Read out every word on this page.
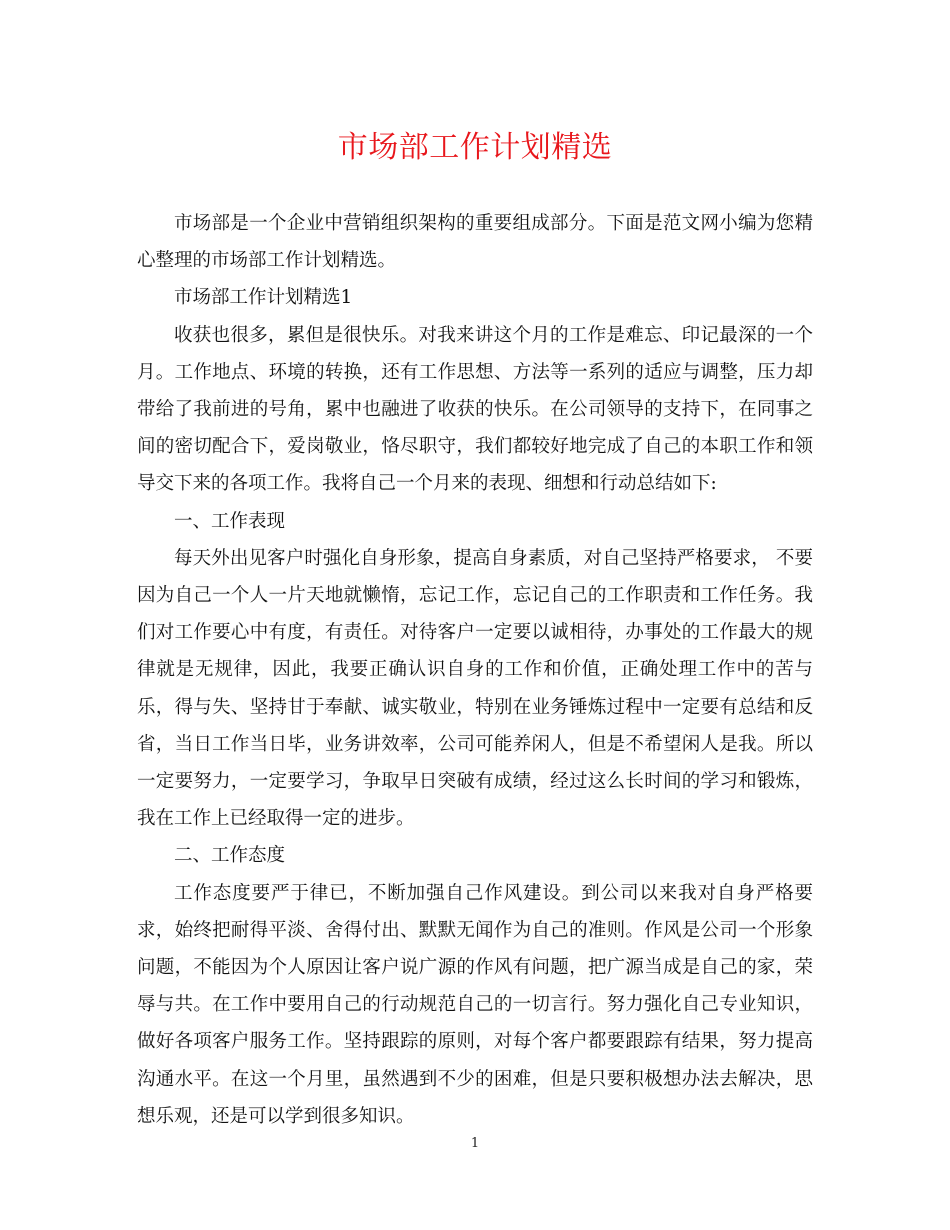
市场部工作计划精选

市场部是一个企业中营销组织架构的重要组成部分。下面是范文网小编为您精心整理的市场部工作计划精选。

市场部工作计划精选1

收获也很多，累但是很快乐。对我来讲这个月的工作是难忘、印记最深的一个月。工作地点、环境的转换，还有工作思想、方法等一系列的适应与调整，压力却带给了我前进的号角，累中也融进了收获的快乐。在公司领导的支持下，在同事之间的密切配合下，爱岗敬业，恪尽职守，我们都较好地完成了自己的本职工作和领导交下来的各项工作。我将自己一个月来的表现、细想和行动总结如下:

一、工作表现

每天外出见客户时强化自身形象，提高自身素质，对自己坚持严格要求， 不要因为自己一个人一片天地就懒惰，忘记工作，忘记自己的工作职责和工作任务。我们对工作要心中有度，有责任。对待客户一定要以诚相待，办事处的工作最大的规律就是无规律，因此，我要正确认识自身的工作和价值，正确处理工作中的苦与乐，得与失、坚持甘于奉献、诚实敬业，特别在业务锤炼过程中一定要有总结和反省，当日工作当日毕，业务讲效率，公司可能养闲人，但是不希望闲人是我。所以一定要努力，一定要学习，争取早日突破有成绩，经过这么长时间的学习和锻炼，我在工作上已经取得一定的进步。

二、工作态度

工作态度要严于律已，不断加强自己作风建设。到公司以来我对自身严格要求，始终把耐得平淡、舍得付出、默默无闻作为自己的准则。作风是公司一个形象问题，不能因为个人原因让客户说广源的作风有问题，把广源当成是自己的家，荣辱与共。在工作中要用自己的行动规范自己的一切言行。努力强化自己专业知识，做好各项客户服务工作。坚持跟踪的原则，对每个客户都要跟踪有结果，努力提高沟通水平。在这一个月里，虽然遇到不少的困难，但是只要积极想办法去解决，思想乐观，还是可以学到很多知识。

1
